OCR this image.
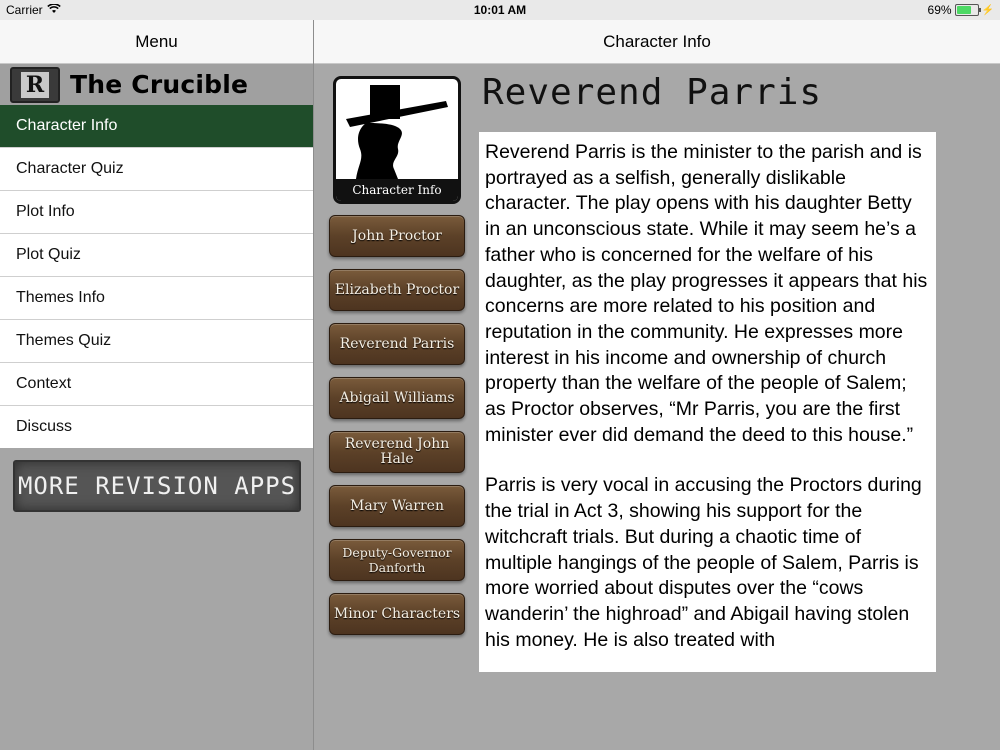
Carrier	10:01 AM	69%	⚡
Menu
R The Crucible
Character Info
Character Quiz
Plot Info
Plot Quiz
Themes Info
Themes Quiz
Context
Discuss
MORE REVISION APPS
Character Info
Character Info
John Proctor
Elizabeth Proctor
Reverend Parris
Abigail Williams
Reverend John Hale
Mary Warren
Deputy-Governor Danforth
Minor Characters
Reverend Parris

Reverend Parris is the minister to the parish and is portrayed as a selfish, generally dislikable character. The play opens with his daughter Betty in an unconscious state. While it may seem he’s a father who is concerned for the welfare of his daughter, as the play progresses it appears that his concerns are more related to his position and reputation in the community. He expresses more interest in his income and ownership of church property than the welfare of the people of Salem; as Proctor observes, “Mr Parris, you are the first minister ever did demand the deed to this house.”

Parris is very vocal in accusing the Proctors during the trial in Act 3, showing his support for the witchcraft trials. But during a chaotic time of multiple hangings of the people of Salem, Parris is more worried about disputes over the “cows wanderin’ the highroad” and Abigail having stolen his money. He is also treated with
